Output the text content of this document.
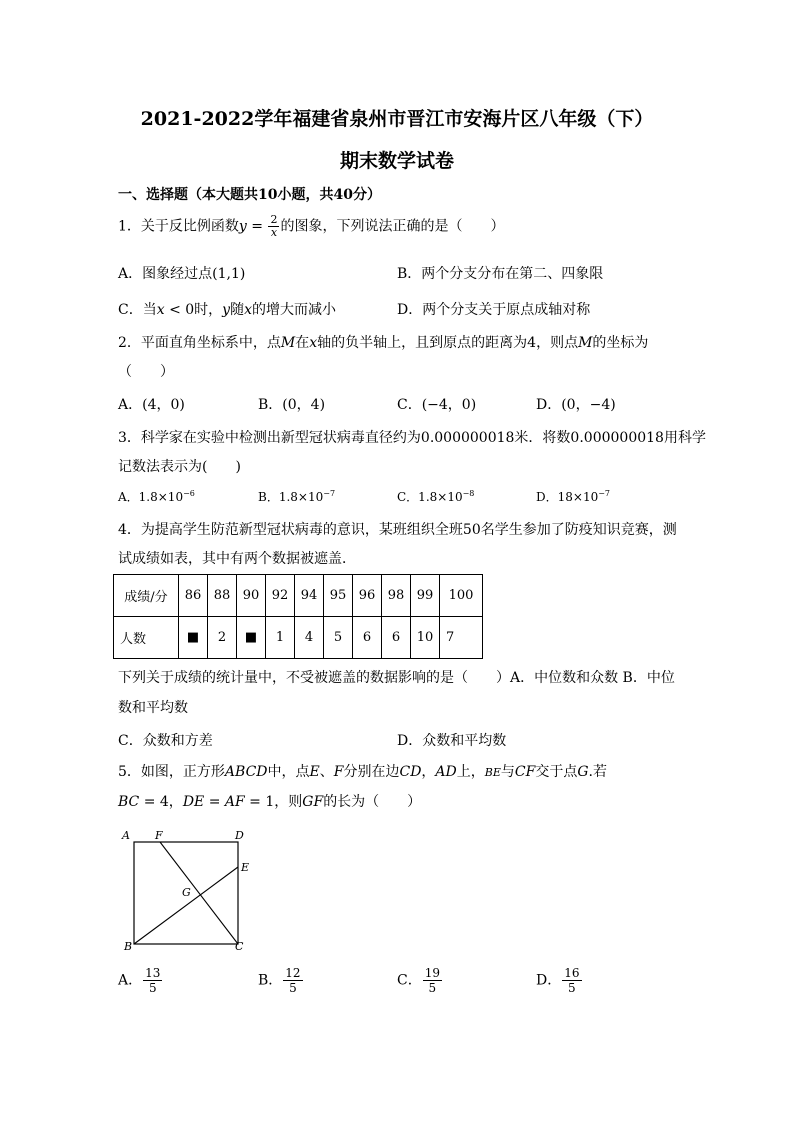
2021-2022学年福建省泉州市晋江市安海片区八年级（下）
期末数学试卷
一、选择题（本大题共10小题，共40分）
1．关于反比例函数$y = \frac{2}{x}$ 的图象，下列说法正确的是（　　）
A．图象经过点(1,1)	B．两个分支分布在第二、四象限
C．当x < 0时，y随x的增大而减小	D．两个分支关于原点成轴对称
2．平面直角坐标系中，点M在x轴的负半轴上，且到原点的距离为4，则点M的坐标为
（　　）
A．(4，0)	B．(0，4)	C．(−4，0)	D．(0，−4)
3．科学家在实验中检测出新型冠状病毒直径约为0.000000018米．将数0.000000018用科学
记数法表示为(　　)
A．$1.8\times 10^{-6}$	B．$1.8\times 10^{-7}$	C．$1.8\times 10^{-8}$	D．$18\times 10^{-7}$
4．为提高学生防范新型冠状病毒的意识，某班组织全班50名学生参加了防疫知识竞赛，测
试成绩如表，其中有两个数据被遮盖．
成绩/分	86	88	90	92	94	95	96	98	99	100
人数	■	2	■	1	4	5	6	6	10	7
下列关于成绩的统计量中，不受被遮盖的数据影响的是（　　）A．中位数和众数 B．中位
数和平均数
C．众数和方差	D．众数和平均数
5．如图，正方形ABCD中，点E、F分别在边CD，AD上，BE与CF交于点G.若
BC = 4，DE = AF = 1，则GF的长为（　　）
A F	D
E
G
B	C
A． $\frac{13}{5}$	B． $\frac{12}{5}$	C． $\frac{19}{5}$	D． $\frac{16}{5}$
